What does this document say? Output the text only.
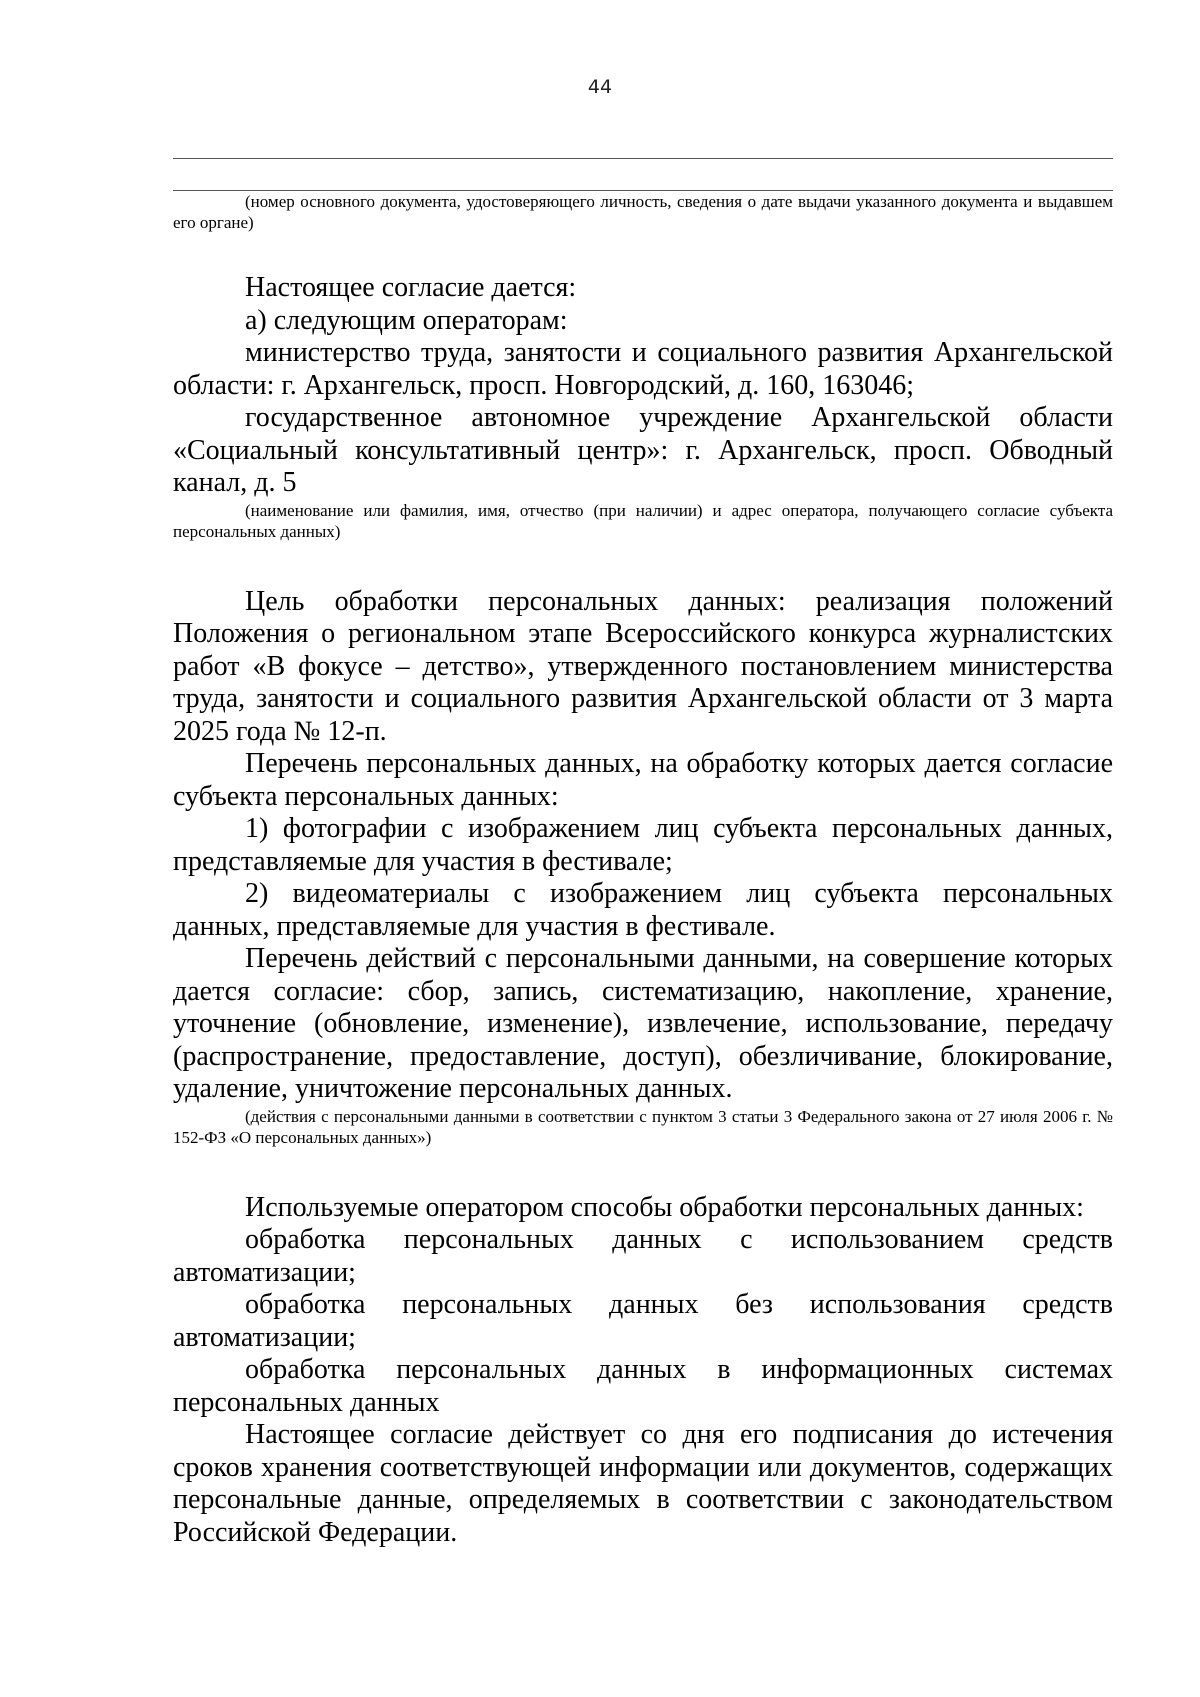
44
(номер основного документа, удостоверяющего личность, сведения о дате выдачи указанного документа и выдавшем его органе)

Настоящее согласие дается:

а) следующим операторам:

министерство труда, занятости и социального развития Архангельской области: г. Архангельск, просп. Новгородский, д. 160, 163046;

государственное автономное учреждение Архангельской области «Социальный консультативный центр»: г. Архангельск, просп. Обводный канал, д. 5

(наименование или фамилия, имя, отчество (при наличии) и адрес оператора, получающего согласие субъекта персональных данных)

Цель обработки персональных данных: реализация положений Положения о региональном этапе Всероссийского конкурса журналистских работ «В фокусе – детство», утвержденного постановлением министерства труда, занятости и социального развития Архангельской области от 3 марта 2025 года № 12-п.

Перечень персональных данных, на обработку которых дается согласие субъекта персональных данных:

1) фотографии с изображением лиц субъекта персональных данных, представляемые для участия в фестивале;

2) видеоматериалы с изображением лиц субъекта персональных данных, представляемые для участия в фестивале.

Перечень действий с персональными данными, на совершение которых дается согласие: сбор, запись, систематизацию, накопление, хранение, уточнение (обновление, изменение), извлечение, использование, передачу (распространение, предоставление, доступ), обезличивание, блокирование, удаление, уничтожение персональных данных.

(действия с персональными данными в соответствии с пунктом 3 статьи 3 Федерального закона от 27 июля 2006 г. № 152-ФЗ «О персональных данных»)

Используемые оператором способы обработки персональных данных:

обработка персональных данных с использованием средств автоматизации;

обработка персональных данных без использования средств автоматизации;

обработка персональных данных в информационных системах персональных данных

Настоящее согласие действует со дня его подписания до истечения сроков хранения соответствующей информации или документов, содержащих персональные данные, определяемых в соответствии с законодательством Российской Федерации.
